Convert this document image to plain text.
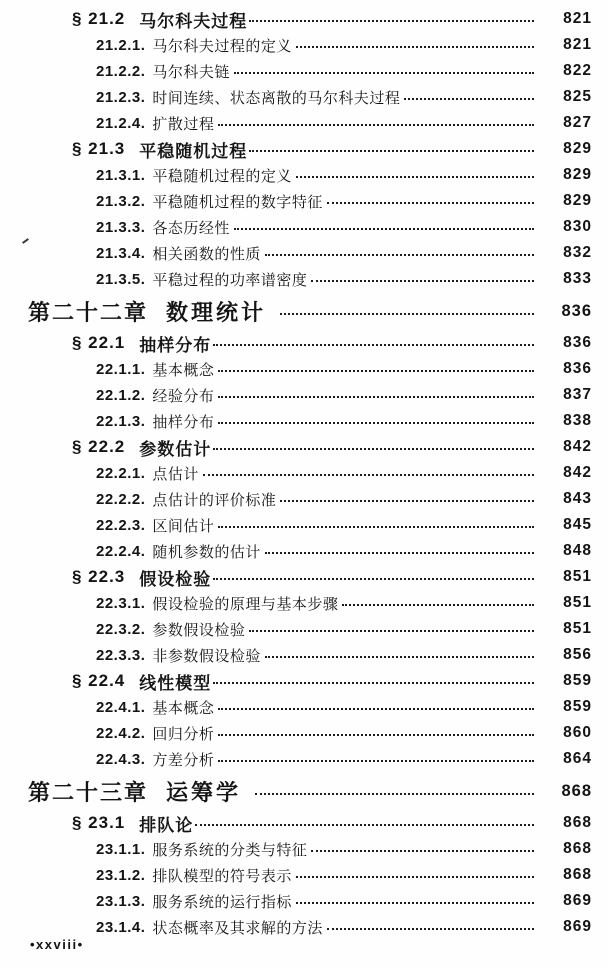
§ 21.2 马尔科夫过程	821
21.2.1. 马尔科夫过程的定义	821
21.2.2. 马尔科夫链	822
21.2.3. 时间连续、状态离散的马尔科夫过程	825
21.2.4. 扩散过程	827
§ 21.3 平稳随机过程	829
21.3.1. 平稳随机过程的定义	829
21.3.2. 平稳随机过程的数字特征	829
21.3.3. 各态历经性	830
21.3.4. 相关函数的性质	832
21.3.5. 平稳过程的功率谱密度	833
第二十二章 数理统计	836
§ 22.1 抽样分布	836
22.1.1. 基本概念	836
22.1.2. 经验分布	837
22.1.3. 抽样分布	838
§ 22.2 参数估计	842
22.2.1. 点估计	842
22.2.2. 点估计的评价标准	843
22.2.3. 区间估计	845
22.2.4. 随机参数的估计	848
§ 22.3 假设检验	851
22.3.1. 假设检验的原理与基本步骤	851
22.3.2. 参数假设检验	851
22.3.3. 非参数假设检验	856
§ 22.4 线性模型	859
22.4.1. 基本概念	859
22.4.2. 回归分析	860
22.4.3. 方差分析	864
第二十三章 运筹学	868
§ 23.1 排队论	868
23.1.1. 服务系统的分类与特征	868
23.1.2. 排队模型的符号表示	868
23.1.3. 服务系统的运行指标	869
23.1.4. 状态概率及其求解的方法	869
•xxviii•
